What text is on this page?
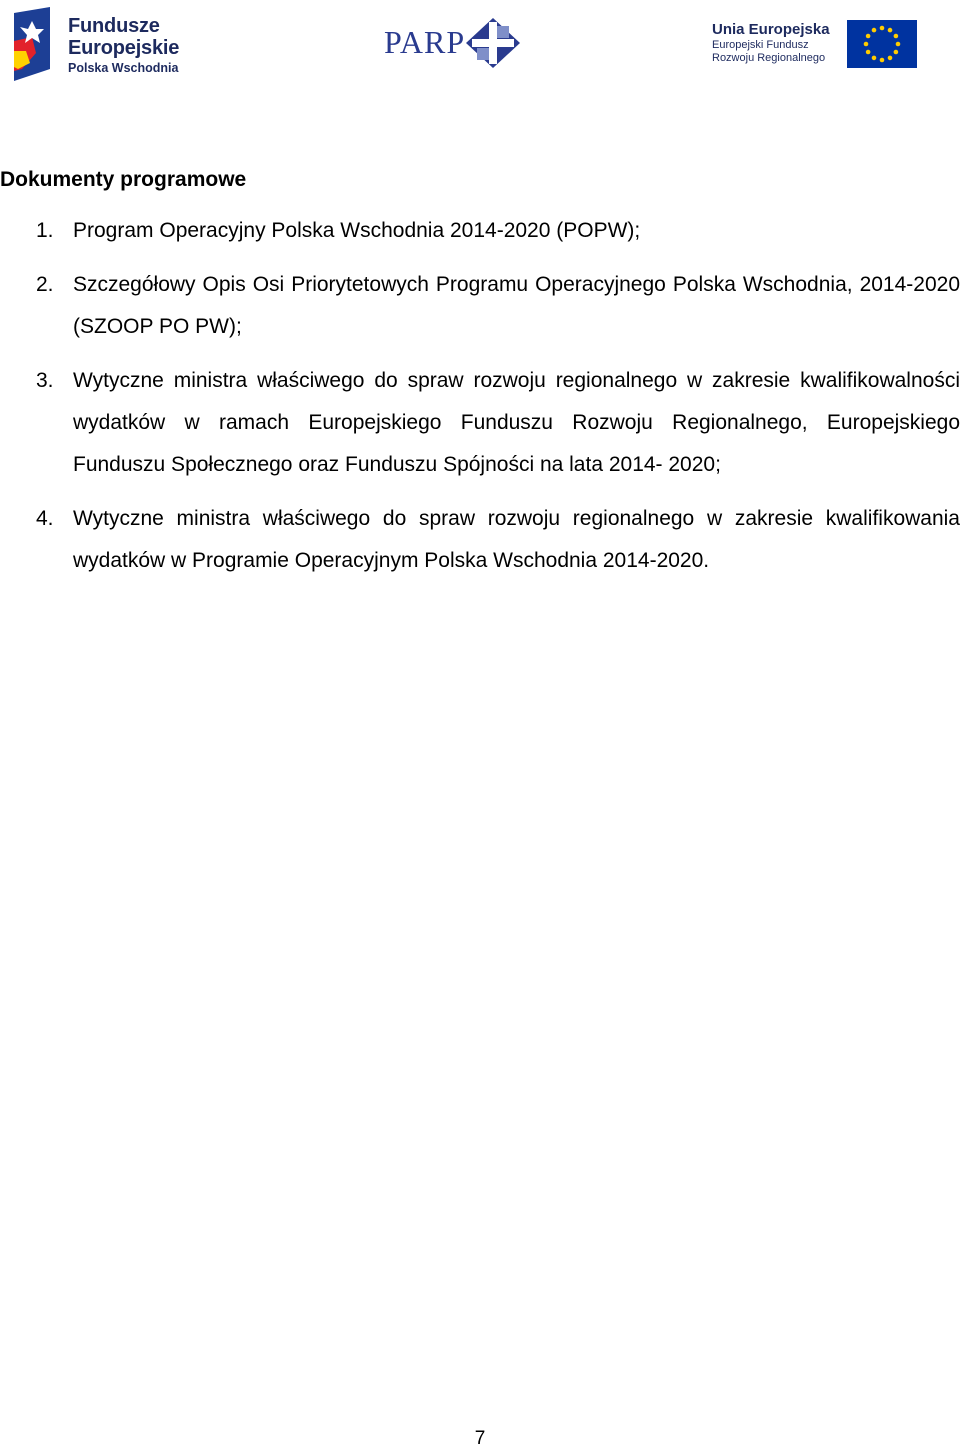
Fundusze
Europejskie
Polska Wschodnia
PARP	Unia Europejska
Europejski Fundusz
Rozwoju Regionalnego
Dokumenty programowe
1. Program Operacyjny Polska Wschodnia 2014-2020 (POPW);
2. Szczegółowy Opis Osi Priorytetowych Programu Operacyjnego Polska Wschodnia, 2014-2020 (SZOOP PO PW);
3. Wytyczne ministra właściwego do spraw rozwoju regionalnego w zakresie kwalifikowalności wydatków w ramach Europejskiego Funduszu Rozwoju Regionalnego, Europejskiego Funduszu Społecznego oraz Funduszu Spójności na lata 2014- 2020;
4. Wytyczne ministra właściwego do spraw rozwoju regionalnego w zakresie kwalifikowania wydatków w Programie Operacyjnym Polska Wschodnia 2014-2020.
7
